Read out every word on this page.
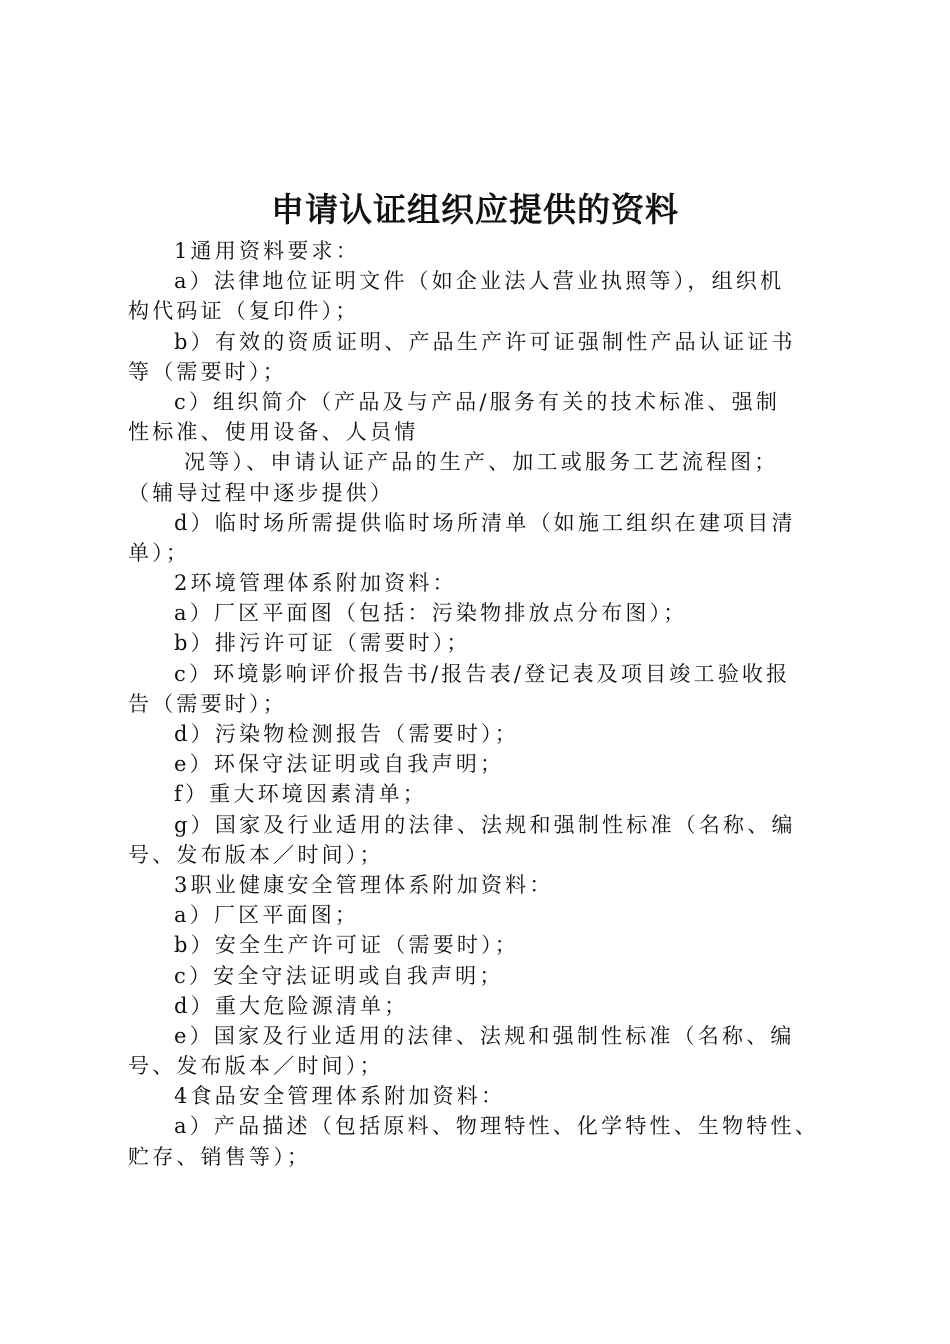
申请认证组织应提供的资料
1通用资料要求：
a）法律地位证明文件（如企业法人营业执照等），组织机
构代码证（复印件）；
b）有效的资质证明、产品生产许可证强制性产品认证证书
等（需要时）；
c）组织简介（产品及与产品/服务有关的技术标准、强制
性标准、使用设备、人员情
况等）、申请认证产品的生产、加工或服务工艺流程图；
（辅导过程中逐步提供）
d）临时场所需提供临时场所清单（如施工组织在建项目清
单）；
2环境管理体系附加资料：
a）厂区平面图（包括：污染物排放点分布图）；
b）排污许可证（需要时）；
c）环境影响评价报告书/报告表/登记表及项目竣工验收报
告（需要时）；
d）污染物检测报告（需要时）；
e）环保守法证明或自我声明；
f）重大环境因素清单；
g）国家及行业适用的法律、法规和强制性标准（名称、编
号、发布版本／时间）；
3职业健康安全管理体系附加资料：
a）厂区平面图；
b）安全生产许可证（需要时）；
c）安全守法证明或自我声明；
d）重大危险源清单；
e）国家及行业适用的法律、法规和强制性标准（名称、编
号、发布版本／时间）；
4食品安全管理体系附加资料：
a）产品描述（包括原料、物理特性、化学特性、生物特性、
贮存、销售等）；
